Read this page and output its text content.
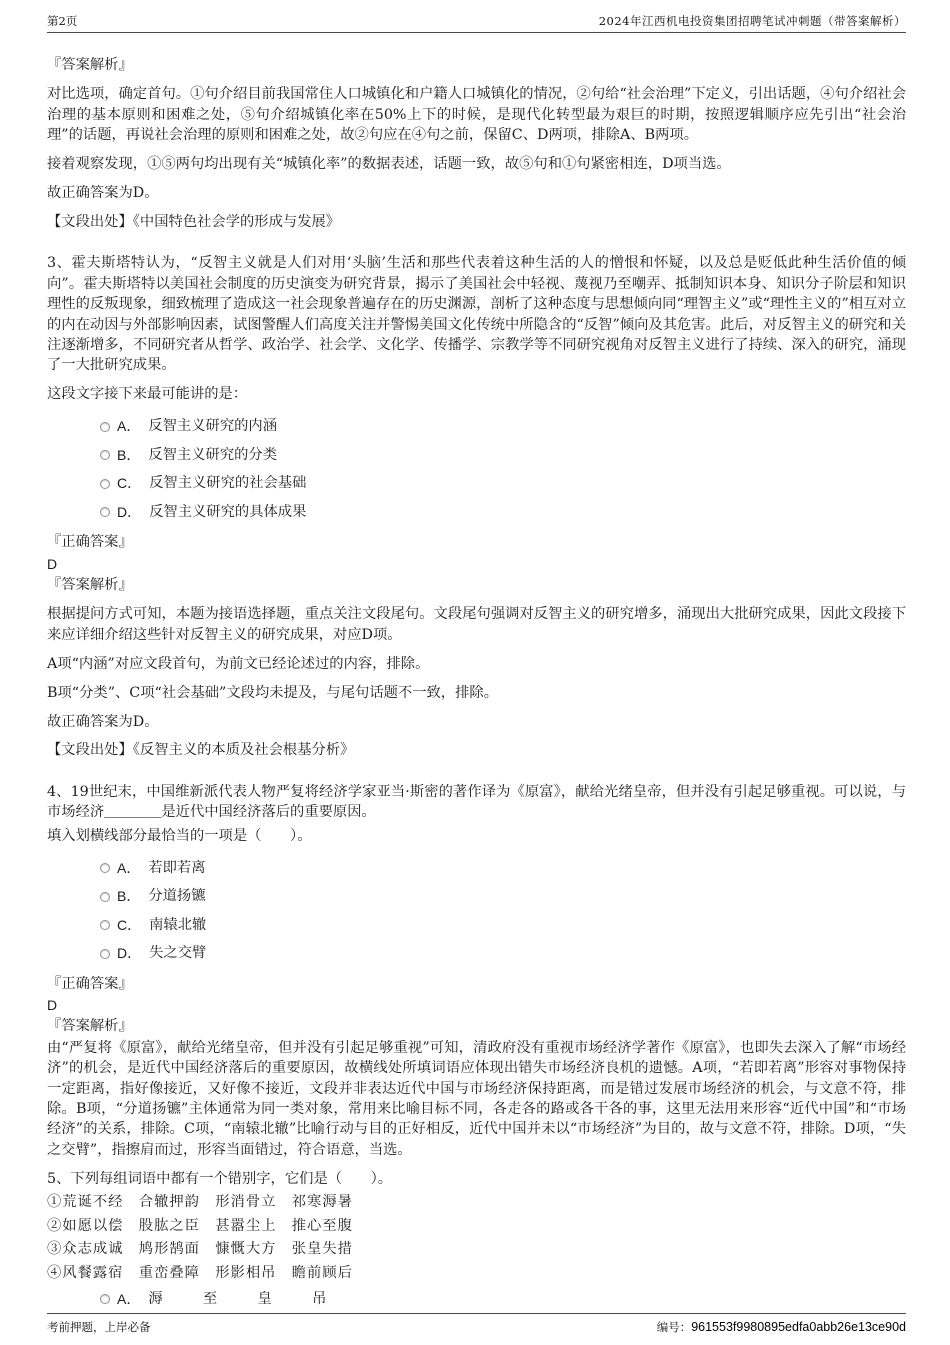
第2页	2024年江西机电投资集团招聘笔试冲刺题（带答案解析）
『答案解析』
对比选项，确定首句。①句介绍目前我国常住人口城镇化和户籍人口城镇化的情况，②句给“社会治理”下定义，引出话题，④句介绍社会治理的基本原则和困难之处，⑤句介绍城镇化率在50%上下的时候，是现代化转型最为艰巨的时期，按照逻辑顺序应先引出“社会治理”的话题，再说社会治理的原则和困难之处，故②句应在④句之前，保留C、D两项，排除A、B两项。
接着观察发现，①⑤两句均出现有关“城镇化率”的数据表述，话题一致，故⑤句和①句紧密相连，D项当选。
故正确答案为D。
【文段出处】《中国特色社会学的形成与发展》
3、霍夫斯塔特认为，“反智主义就是人们对用‘头脑’生活和那些代表着这种生活的人的憎恨和怀疑，以及总是贬低此种生活价值的倾向”。霍夫斯塔特以美国社会制度的历史演变为研究背景，揭示了美国社会中轻视、蔑视乃至嘲弄、抵制知识本身、知识分子阶层和知识理性的反叛现象，细致梳理了造成这一社会现象普遍存在的历史渊源，剖析了这种态度与思想倾向同“理智主义”或“理性主义的”相互对立的内在动因与外部影响因素，试图警醒人们高度关注并警惕美国文化传统中所隐含的“反智”倾向及其危害。此后，对反智主义的研究和关注逐渐增多，不同研究者从哲学、政治学、社会学、文化学、传播学、宗教学等不同研究视角对反智主义进行了持续、深入的研究，涌现了一大批研究成果。
这段文字接下来最可能讲的是：
A． 反智主义研究的内涵
B． 反智主义研究的分类
C． 反智主义研究的社会基础
D． 反智主义研究的具体成果
『正确答案』
D
『答案解析』
根据提问方式可知，本题为接语选择题，重点关注文段尾句。文段尾句强调对反智主义的研究增多，涌现出大批研究成果，因此文段接下来应详细介绍这些针对反智主义的研究成果，对应D项。
A项“内涵”对应文段首句，为前文已经论述过的内容，排除。
B项“分类”、C项“社会基础”文段均未提及，与尾句话题不一致，排除。
故正确答案为D。
【文段出处】《反智主义的本质及社会根基分析》
4、19世纪末，中国维新派代表人物严复将经济学家亚当·斯密的著作译为《原富》，献给光绪皇帝，但并没有引起足够重视。可以说，与市场经济＿＿＿＿是近代中国经济落后的重要原因。
填入划横线部分最恰当的一项是（　　）。
A． 若即若离
B． 分道扬镳
C． 南辕北辙
D． 失之交臂
『正确答案』
D
『答案解析』
由“严复将《原富》，献给光绪皇帝，但并没有引起足够重视”可知，清政府没有重视市场经济学著作《原富》，也即失去深入了解“市场经济”的机会，是近代中国经济落后的重要原因，故横线处所填词语应体现出错失市场经济良机的遗憾。A项，“若即若离”形容对事物保持一定距离，指好像接近，又好像不接近，文段并非表达近代中国与市场经济保持距离，而是错过发展市场经济的机会，与文意不符，排除。B项，“分道扬镳”主体通常为同一类对象，常用来比喻目标不同，各走各的路或各干各的事，这里无法用来形容“近代中国”和“市场经济”的关系，排除。C项，“南辕北辙”比喻行动与目的正好相反，近代中国并未以“市场经济”为目的，故与文意不符，排除。D项，“失之交臂”，指擦肩而过，形容当面错过，符合语意，当选。
5、下列每组词语中都有一个错别字，它们是（　　）。
①荒诞不经　合辙押韵　形消骨立　祁寒溽暑
②如愿以偿　股肱之臣　甚嚣尘上　推心至腹
③众志成诚　鸠形鹄面　慷慨大方　张皇失措
④风餐露宿　重峦叠障　形影相吊　瞻前顾后
A． 溽　至　皇　吊
考前押题，上岸必备	编号：961553f9980895edfa0abb26e13ce90d
